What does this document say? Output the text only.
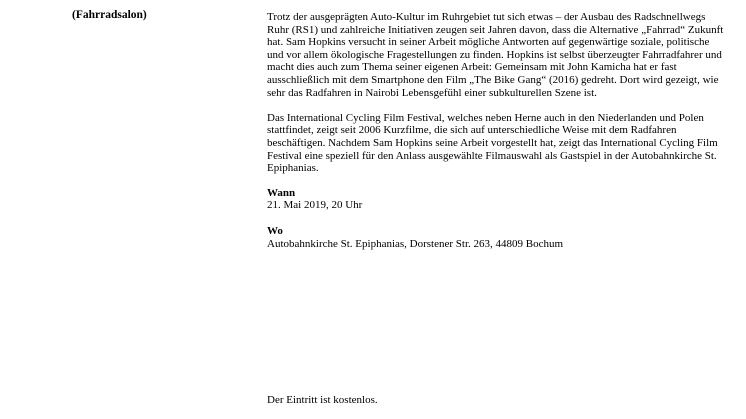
(Fahrradsalon)	Trotz der ausgeprägten Auto-Kultur im Ruhrgebiet tut sich etwas – der Ausbau des Radschnellwegs Ruhr (RS1) und zahlreiche Initiativen zeugen seit Jahren davon, dass die Alternative „Fahrrad“ Zukunft hat. Sam Hopkins versucht in seiner Arbeit mögliche Antworten auf gegenwärtige soziale, politische und vor allem ökologische Fragestellungen zu finden. Hopkins ist selbst überzeugter Fahrradfahrer und macht dies auch zum Thema seiner eigenen Arbeit: Gemeinsam mit John Kamicha hat er fast ausschließlich mit dem Smartphone den Film „The Bike Gang“ (2016) gedreht. Dort wird gezeigt, wie sehr das Radfahren in Nairobi Lebensgefühl einer subkulturellen Szene ist.

Das International Cycling Film Festival, welches neben Herne auch in den Niederlanden und Polen stattfindet, zeigt seit 2006 Kurzfilme, die sich auf unterschiedliche Weise mit dem Radfahren beschäftigen. Nachdem Sam Hopkins seine Arbeit vorgestellt hat, zeigt das International Cycling Film Festival eine speziell für den Anlass ausgewählte Filmauswahl als Gastspiel in der Autobahnkirche St. Epiphanias.

Wann

21. Mai 2019, 20 Uhr

Wo

Autobahnkirche St. Epiphanias, Dorstener Str. 263, 44809 Bochum

Der Eintritt ist kostenlos.
